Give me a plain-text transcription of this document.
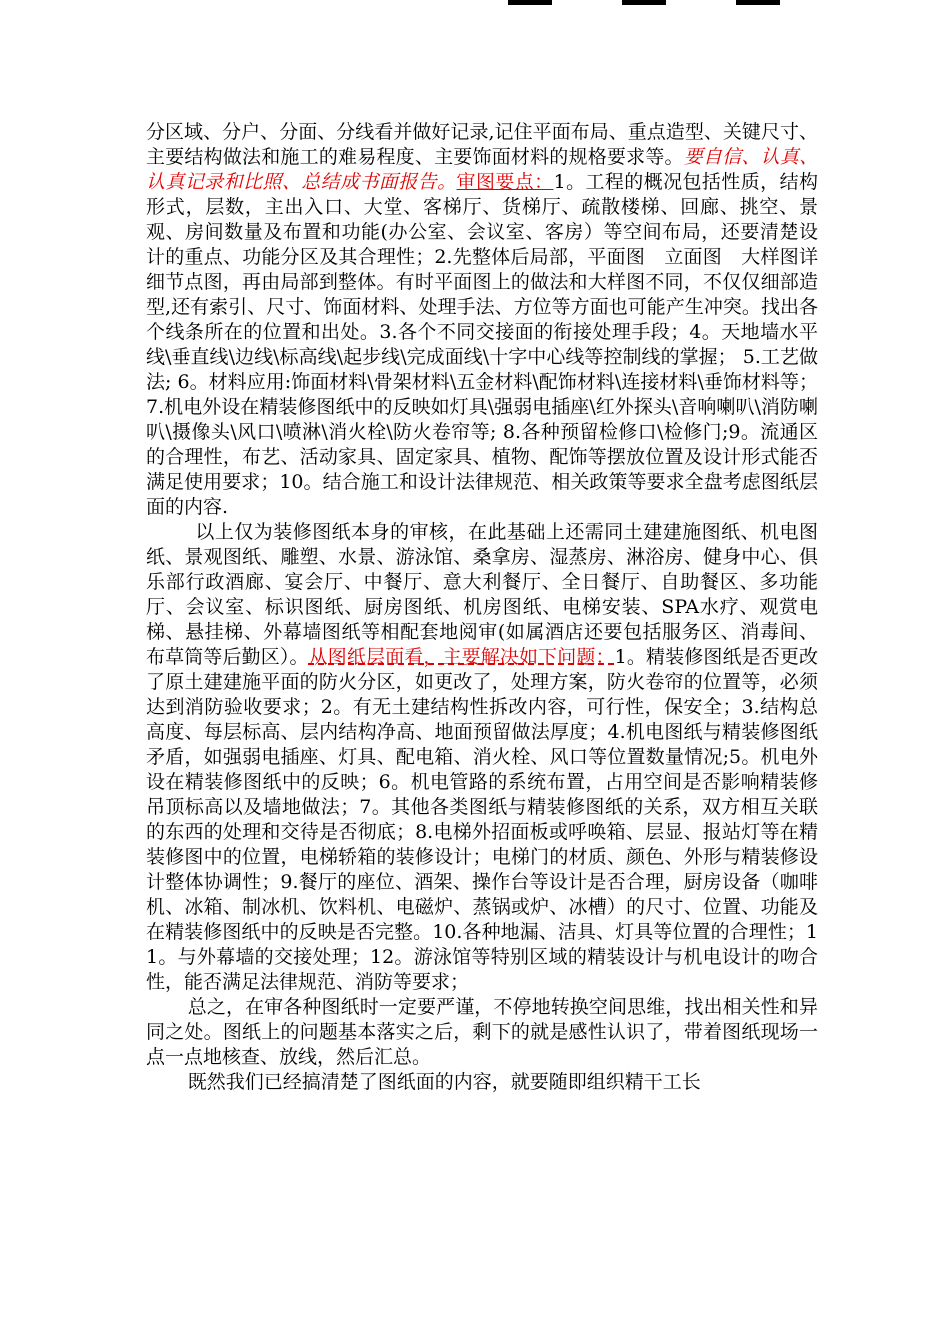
分区域、分户、分面、分线看并做好记录,记住平面布局、重点造型、关键尺寸、主要结构做法和施工的难易程度、主要饰面材料的规格要求等。要自信、认真、认真记录和比照、总结成书面报告。审图要点：1。工程的概况包括性质，结构形式，层数，主出入口、大堂、客梯厅、货梯厅、疏散楼梯、回廊、挑空、景观、房间数量及布置和功能(办公室、会议室、客房）等空间布局，还要清楚设计的重点、功能分区及其合理性；2.先整体后局部，平面图　立面图　大样图详细节点图，再由局部到整体。有时平面图上的做法和大样图不同，不仅仅细部造型,还有索引、尺寸、饰面材料、处理手法、方位等方面也可能产生冲突。找出各个线条所在的位置和出处。3.各个不同交接面的衔接处理手段；4。天地墙水平线\垂直线\边线\标高线\起步线\完成面线\十字中心线等控制线的掌握； 5.工艺做法; 6。材料应用:饰面材料\骨架材料\五金材料\配饰材料\连接材料\垂饰材料等； 7.机电外设在精装修图纸中的反映如灯具\强弱电插座\红外探头\音响喇叭\消防喇叭\摄像头\风口\喷淋\消火栓\防火卷帘等; 8.各种预留检修口\检修门;9。流通区的合理性，布艺、活动家具、固定家具、植物、配饰等摆放位置及设计形式能否满足使用要求；10。结合施工和设计法律规范、相关政策等要求全盘考虑图纸层面的内容.

以上仅为装修图纸本身的审核，在此基础上还需同土建建施图纸、机电图纸、景观图纸、雕塑、水景、游泳馆、桑拿房、湿蒸房、淋浴房、健身中心、俱乐部行政酒廊、宴会厅、中餐厅、意大利餐厅、全日餐厅、自助餐区、多功能厅、会议室、标识图纸、厨房图纸、机房图纸、电梯安装、SPA水疗、观赏电梯、悬挂梯、外幕墙图纸等相配套地阅审(如属酒店还要包括服务区、消毒间、布草筒等后勤区）。从图纸层面看，主要解决如下问题：1。精装修图纸是否更改了原土建建施平面的防火分区，如更改了，处理方案，防火卷帘的位置等，必须达到消防验收要求；2。有无土建结构性拆改内容，可行性，保安全；3.结构总高度、每层标高、层内结构净高、地面预留做法厚度；4.机电图纸与精装修图纸矛盾，如强弱电插座、灯具、配电箱、消火栓、风口等位置数量情况;5。机电外设在精装修图纸中的反映；6。机电管路的系统布置，占用空间是否影响精装修吊顶标高以及墙地做法；7。其他各类图纸与精装修图纸的关系，双方相互关联的东西的处理和交待是否彻底；8.电梯外招面板或呼唤箱、层显、报站灯等在精装修图中的位置，电梯轿箱的装修设计；电梯门的材质、颜色、外形与精装修设计整体协调性；9.餐厅的座位、酒架、操作台等设计是否合理，厨房设备（咖啡机、冰箱、制冰机、饮料机、电磁炉、蒸锅或炉、冰槽）的尺寸、位置、功能及在精装修图纸中的反映是否完整。10.各种地漏、洁具、灯具等位置的合理性；11。与外幕墙的交接处理；12。游泳馆等特别区域的精装设计与机电设计的吻合性，能否满足法律规范、消防等要求；

总之，在审各种图纸时一定要严谨，不停地转换空间思维，找出相关性和异同之处。图纸上的问题基本落实之后，剩下的就是感性认识了，带着图纸现场一点一点地核查、放线，然后汇总。

既然我们已经搞清楚了图纸面的内容，就要随即组织精干工长
